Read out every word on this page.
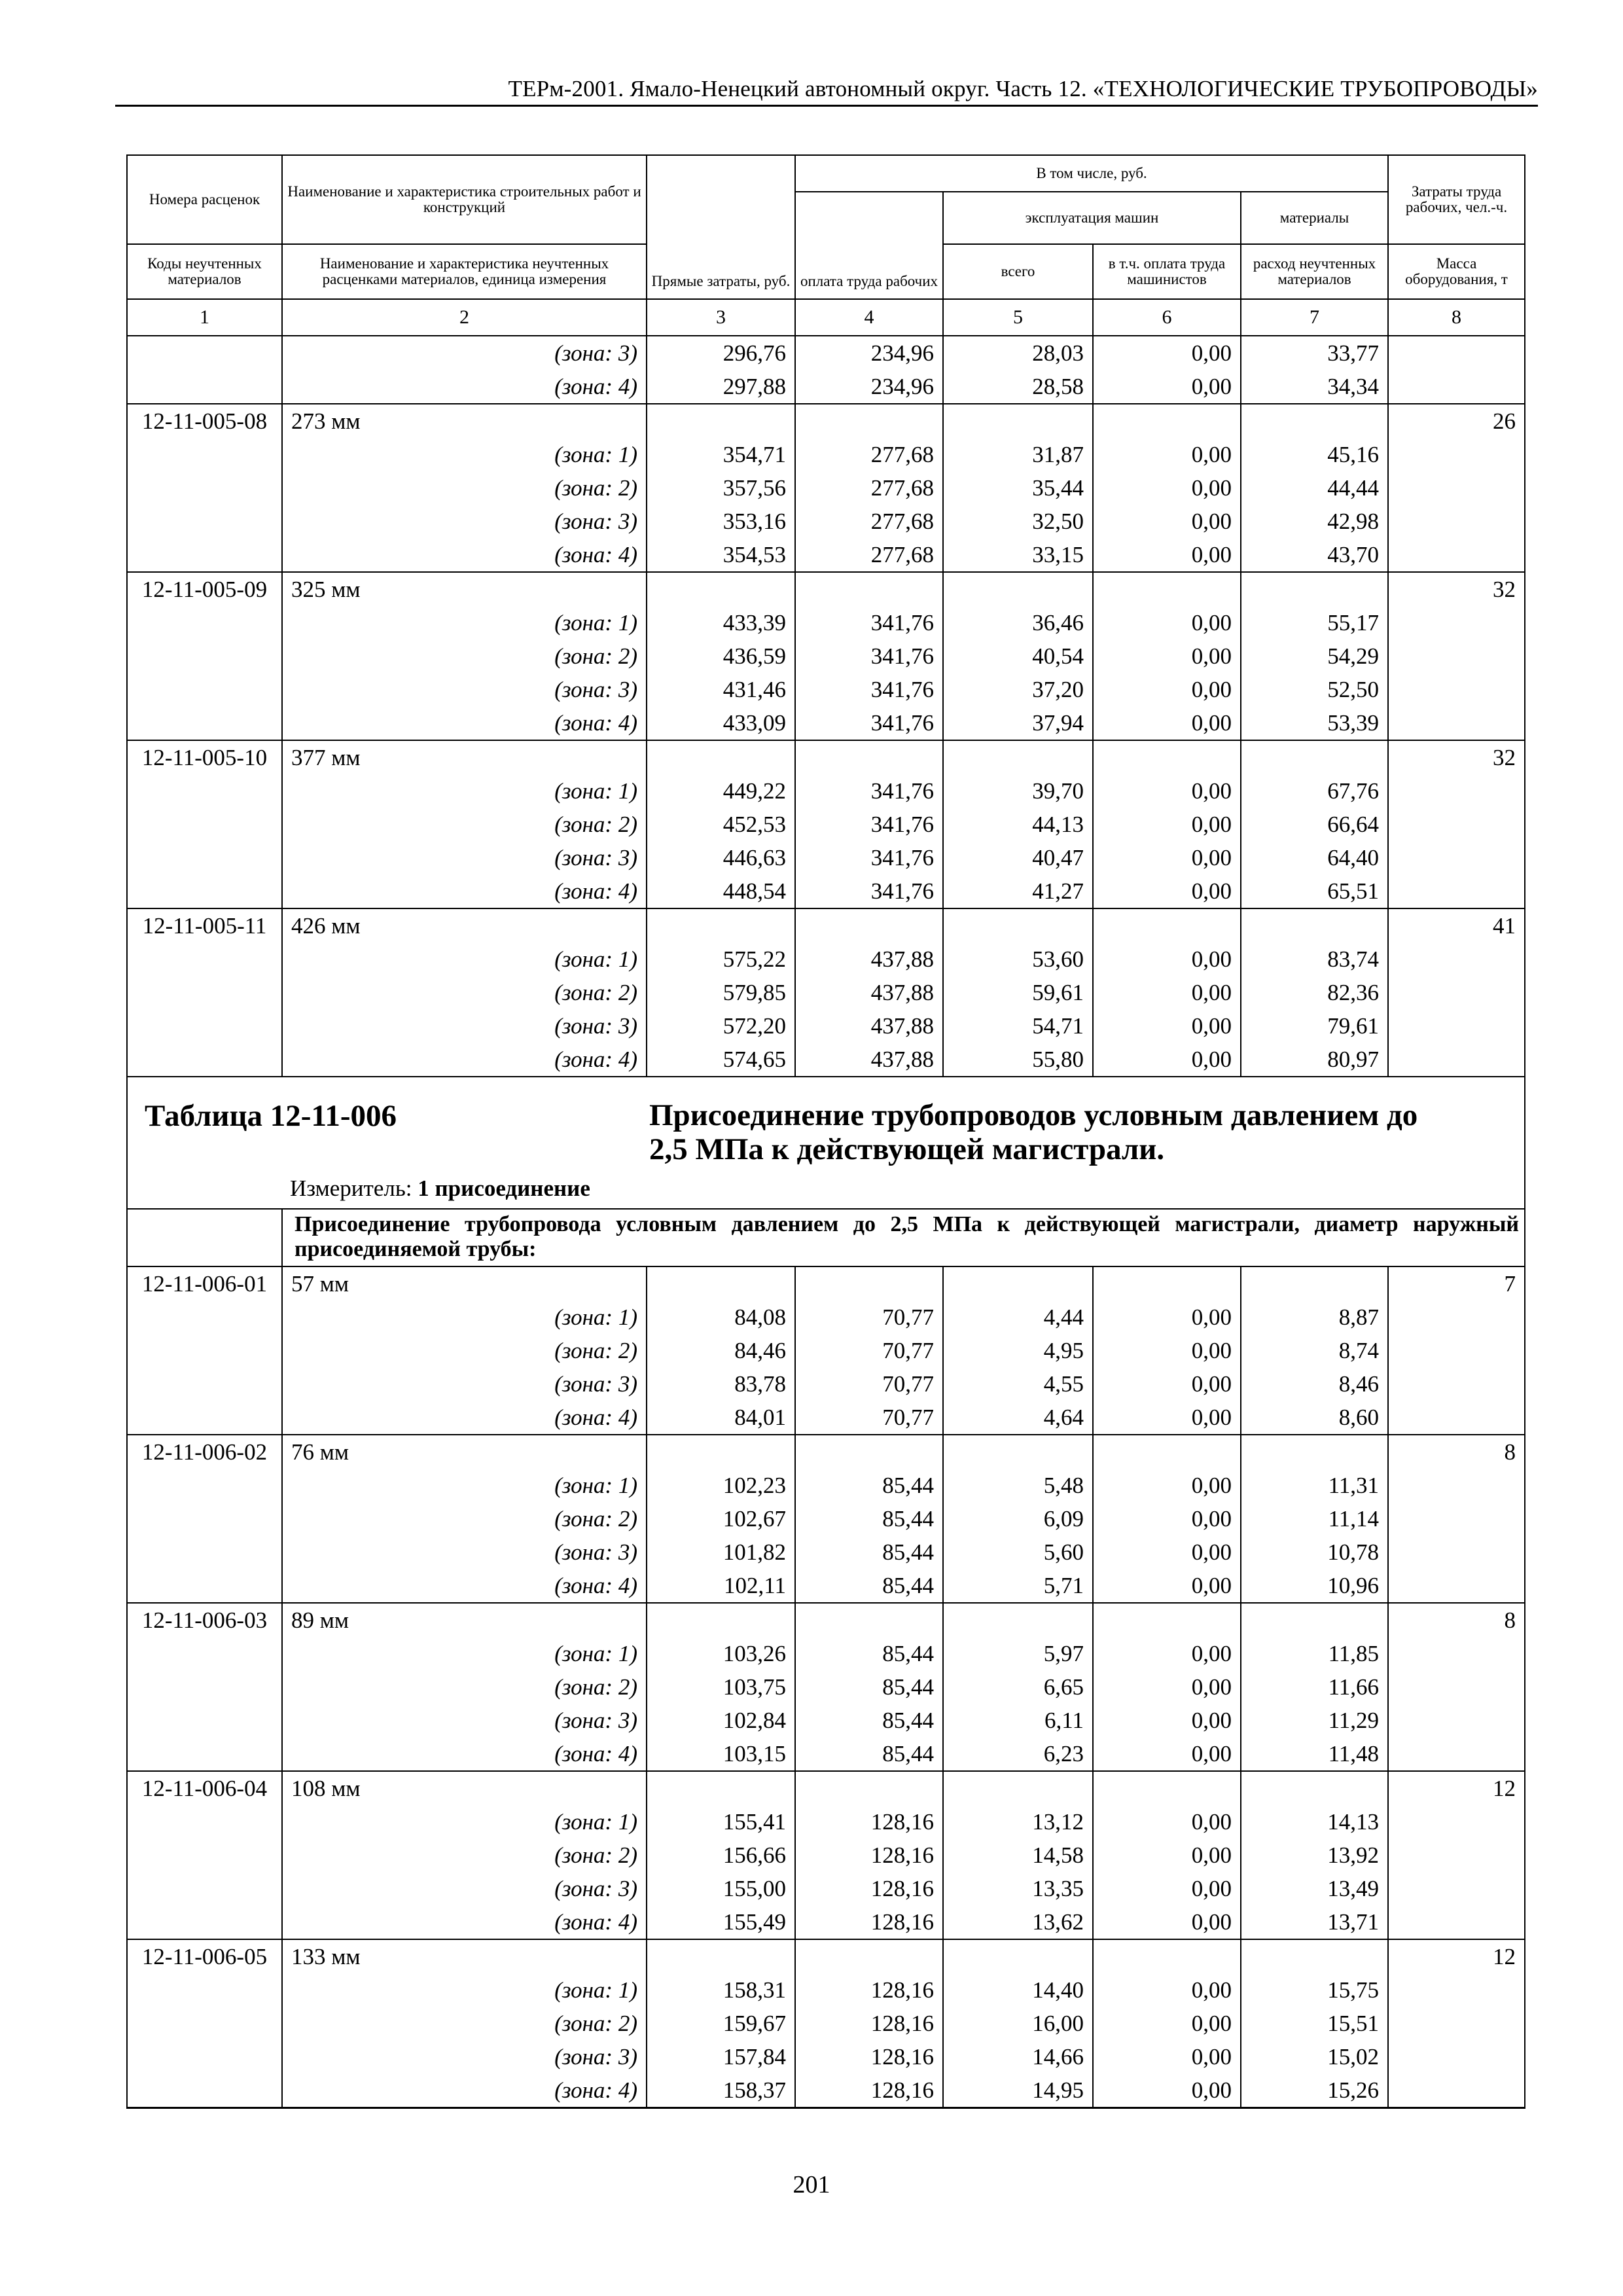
ТЕРм-2001. Ямало-Ненецкий автономный округ. Часть 12. «ТЕХНОЛОГИЧЕСКИЕ ТРУБОПРОВОДЫ»
Номера расценок	Наименование и характеристика строительных работ и конструкций	Прямые затраты, руб.	В том числе, руб.				Затраты труда рабочих, чел.-ч.
			оплата труда рабочих	эксплуатация машин		материалы	
Коды неучтенных материалов	Наименование и характеристика неучтенных расценками материалов, единица измерения			всего	в т.ч. оплата труда машинистов	расход неучтенных материалов	Масса оборудования, т
1	2	3	4	5	6	7	8
	(зона: 3)	296,76	234,96	28,03	0,00	33,77	
	(зона: 4)	297,88	234,96	28,58	0,00	34,34	
12-11-005-08	273 мм						26
	(зона: 1)	354,71	277,68	31,87	0,00	45,16	
	(зона: 2)	357,56	277,68	35,44	0,00	44,44	
	(зона: 3)	353,16	277,68	32,50	0,00	42,98	
	(зона: 4)	354,53	277,68	33,15	0,00	43,70	
12-11-005-09	325 мм						32
	(зона: 1)	433,39	341,76	36,46	0,00	55,17	
	(зона: 2)	436,59	341,76	40,54	0,00	54,29	
	(зона: 3)	431,46	341,76	37,20	0,00	52,50	
	(зона: 4)	433,09	341,76	37,94	0,00	53,39	
12-11-005-10	377 мм						32
	(зона: 1)	449,22	341,76	39,70	0,00	67,76	
	(зона: 2)	452,53	341,76	44,13	0,00	66,64	
	(зона: 3)	446,63	341,76	40,47	0,00	64,40	
	(зона: 4)	448,54	341,76	41,27	0,00	65,51	
12-11-005-11	426 мм						41
	(зона: 1)	575,22	437,88	53,60	0,00	83,74	
	(зона: 2)	579,85	437,88	59,61	0,00	82,36	
	(зона: 3)	572,20	437,88	54,71	0,00	79,61	
	(зона: 4)	574,65	437,88	55,80	0,00	80,97	

Таблица 12-11-006 Присоединение трубопроводов условным давлением до 2,5 МПа к действующей магистрали.
Измеритель: 1 присоединение							

	Присоединение трубопровода условным давлением до 2,5 МПа к действующей магистрали, диаметр наружный присоединяемой трубы:						
12-11-006-01	57 мм						7
	(зона: 1)	84,08	70,77	4,44	0,00	8,87	
	(зона: 2)	84,46	70,77	4,95	0,00	8,74	
	(зона: 3)	83,78	70,77	4,55	0,00	8,46	
	(зона: 4)	84,01	70,77	4,64	0,00	8,60	
12-11-006-02	76 мм						8
	(зона: 1)	102,23	85,44	5,48	0,00	11,31	
	(зона: 2)	102,67	85,44	6,09	0,00	11,14	
	(зона: 3)	101,82	85,44	5,60	0,00	10,78	
	(зона: 4)	102,11	85,44	5,71	0,00	10,96	
12-11-006-03	89 мм						8
	(зона: 1)	103,26	85,44	5,97	0,00	11,85	
	(зона: 2)	103,75	85,44	6,65	0,00	11,66	
	(зона: 3)	102,84	85,44	6,11	0,00	11,29	
	(зона: 4)	103,15	85,44	6,23	0,00	11,48	
12-11-006-04	108 мм						12
	(зона: 1)	155,41	128,16	13,12	0,00	14,13	
	(зона: 2)	156,66	128,16	14,58	0,00	13,92	
	(зона: 3)	155,00	128,16	13,35	0,00	13,49	
	(зона: 4)	155,49	128,16	13,62	0,00	13,71	
12-11-006-05	133 мм						12
	(зона: 1)	158,31	128,16	14,40	0,00	15,75	
	(зона: 2)	159,67	128,16	16,00	0,00	15,51	
	(зона: 3)	157,84	128,16	14,66	0,00	15,02	
	(зона: 4)	158,37	128,16	14,95	0,00	15,26	
201
